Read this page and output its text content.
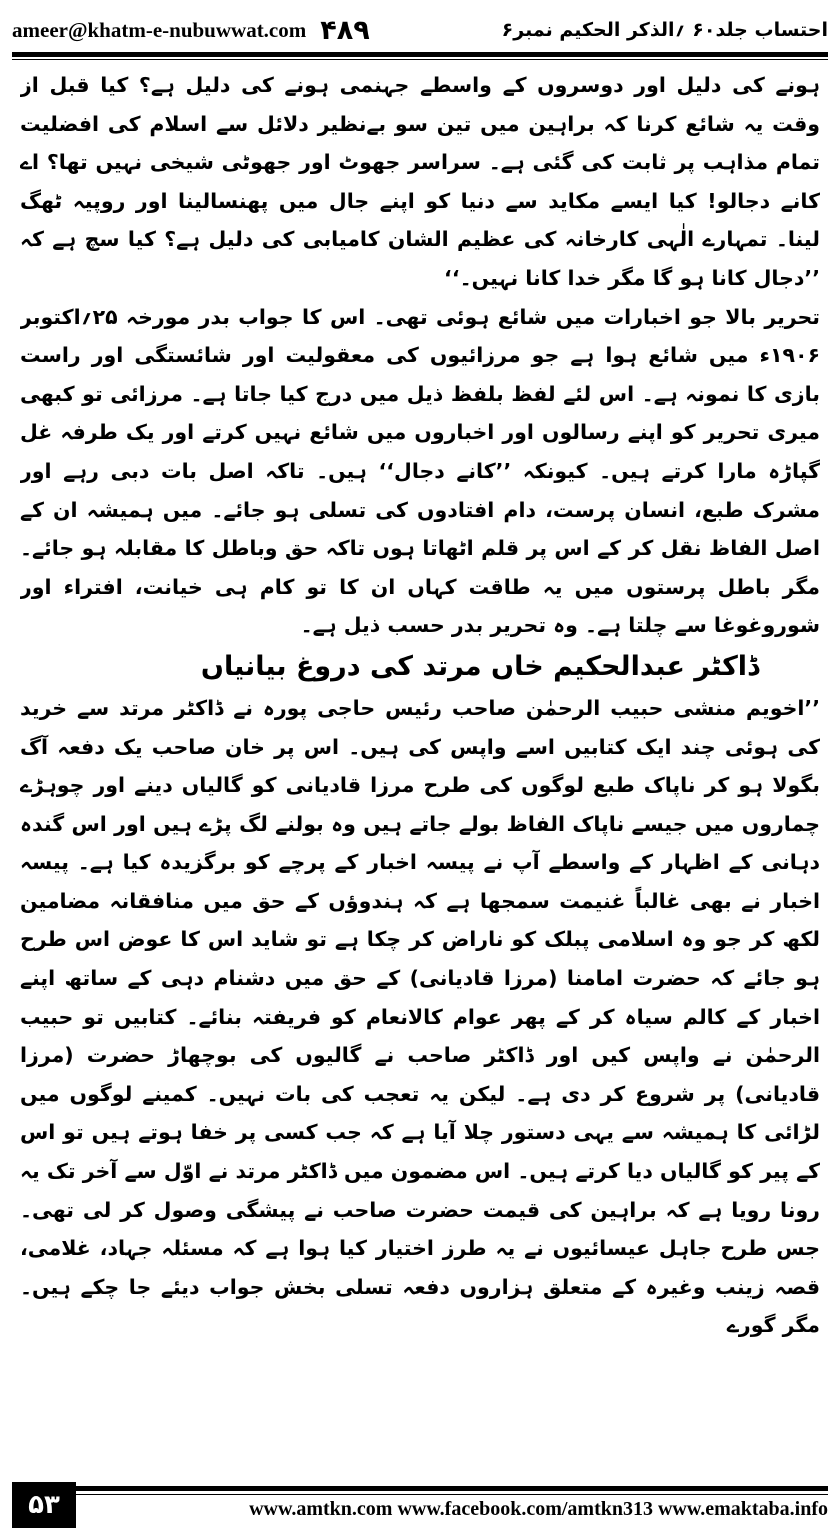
ameer@khatm-e-nubuwwat.com ۴۸۹	احتساب جلد۶۰ ؍الذکر الحکیم نمبر۶

ہونے کی دلیل اور دوسروں کے واسطے جہنمی ہونے کی دلیل ہے؟ کیا قبل از وقت یہ شائع کرنا کہ براہین میں تین سو بےنظیر دلائل سے اسلام کی افضلیت تمام مذاہب پر ثابت کی گئی ہے۔ سراسر جھوٹ اور جھوٹی شیخی نہیں تھا؟ اے کانے دجالو! کیا ایسے مکاید سے دنیا کو اپنے جال میں پھنسالینا اور روپیہ ٹھگ لینا۔ تمہارے الٰہی کارخانہ کی عظیم الشان کامیابی کی دلیل ہے؟ کیا سچ ہے کہ ’’دجال کانا ہو گا مگر خدا کانا نہیں۔‘‘

تحریر بالا جو اخبارات میں شائع ہوئی تھی۔ اس کا جواب بدر مورخہ ۲۵؍اکتوبر ۱۹۰۶ء میں شائع ہوا ہے جو مرزائیوں کی معقولیت اور شائستگی اور راست بازی کا نمونہ ہے۔ اس لئے لفظ بلفظ ذیل میں درج کیا جاتا ہے۔ مرزائی تو کبھی میری تحریر کو اپنے رسالوں اور اخباروں میں شائع نہیں کرتے اور یک طرفہ غل گپاڑہ مارا کرتے ہیں۔ کیونکہ ’’کانے دجال‘‘ ہیں۔ تاکہ اصل بات دبی رہے اور مشرک طبع، انسان پرست، دام افتادوں کی تسلی ہو جائے۔ میں ہمیشہ ان کے اصل الفاظ نقل کر کے اس پر قلم اٹھاتا ہوں تاکہ حق وباطل کا مقابلہ ہو جائے۔ مگر باطل پرستوں میں یہ طاقت کہاں ان کا تو کام ہی خیانت، افتراء اور شوروغوغا سے چلتا ہے۔ وہ تحریر بدر حسب ذیل ہے۔

ڈاکٹر عبدالحکیم خاں مرتد کی دروغ بیانیاں

’’اخویم منشی حبیب الرحمٰن صاحب رئیس حاجی پورہ نے ڈاکٹر مرتد سے خرید کی ہوئی چند ایک کتابیں اسے واپس کی ہیں۔ اس پر خان صاحب یک دفعہ آگ بگولا ہو کر ناپاک طبع لوگوں کی طرح مرزا قادیانی کو گالیاں دینے اور چوہڑے چماروں میں جیسے ناپاک الفاظ بولے جاتے ہیں وہ بولنے لگ پڑے ہیں اور اس گندہ دہانی کے اظہار کے واسطے آپ نے پیسہ اخبار کے پرچے کو برگزیدہ کیا ہے۔ پیسہ اخبار نے بھی غالباً غنیمت سمجھا ہے کہ ہندوؤں کے حق میں منافقانہ مضامین لکھ کر جو وہ اسلامی پبلک کو ناراض کر چکا ہے تو شاید اس کا عوض اس طرح ہو جائے کہ حضرت امامنا (مرزا قادیانی) کے حق میں دشنام دہی کے ساتھ اپنے اخبار کے کالم سیاہ کر کے پھر عوام کالانعام کو فریفتہ بنائے۔ کتابیں تو حبیب الرحمٰن نے واپس کیں اور ڈاکٹر صاحب نے گالیوں کی بوچھاڑ حضرت (مرزا قادیانی) پر شروع کر دی ہے۔ لیکن یہ تعجب کی بات نہیں۔ کمینے لوگوں میں لڑائی کا ہمیشہ سے یہی دستور چلا آیا ہے کہ جب کسی پر خفا ہوتے ہیں تو اس کے پیر کو گالیاں دیا کرتے ہیں۔ اس مضمون میں ڈاکٹر مرتد نے اوّل سے آخر تک یہ رونا رویا ہے کہ براہین کی قیمت حضرت صاحب نے پیشگی وصول کر لی تھی۔ جس طرح جاہل عیسائیوں نے یہ طرز اختیار کیا ہوا ہے کہ مسئلہ جہاد، غلامی، قصہ زینب وغیرہ کے متعلق ہزاروں دفعہ تسلی بخش جواب دیئے جا چکے ہیں۔ مگر گورے

۵۳	www.amtkn.com www.facebook.com/amtkn313 www.emaktaba.info
